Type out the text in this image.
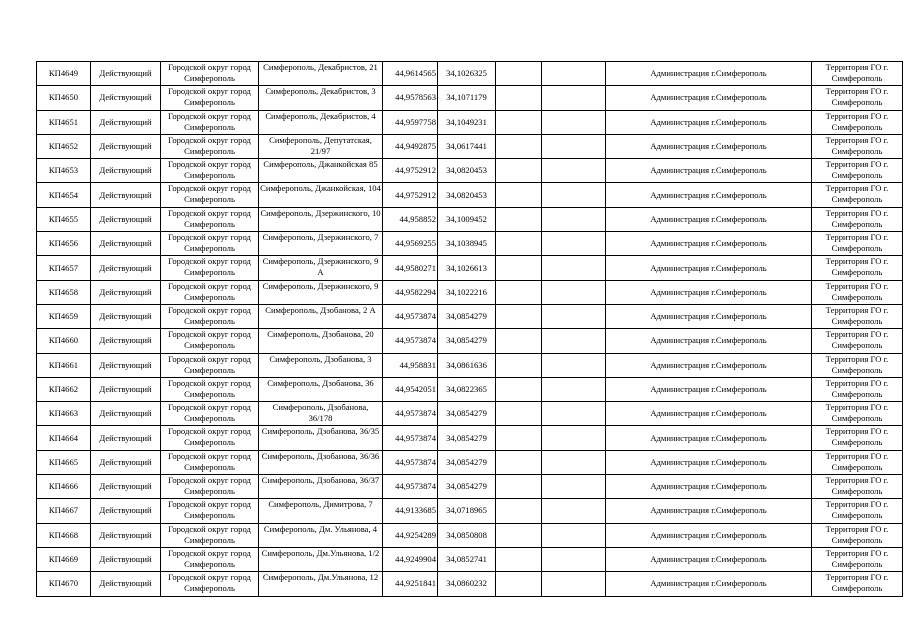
КП4649	Действующий	Городской округ город Симферополь	Симферополь, Декабристов, 21	44,9614565	34,1026325			Администрация г.Симферополь	Территория ГО г. Симферополь
КП4650	Действующий	Городской округ город Симферополь	Симферополь, Декабристов, 3	44,9578563	34,1071179			Администрация г.Симферополь	Территория ГО г. Симферополь
КП4651	Действующий	Городской округ город Симферополь	Симферополь, Декабристов, 4	44,9597758	34,1049231			Администрация г.Симферополь	Территория ГО г. Симферополь
КП4652	Действующий	Городской округ город Симферополь	Симферополь, Депутатская, 21/97	44,9492875	34,0617441			Администрация г.Симферополь	Территория ГО г. Симферополь
КП4653	Действующий	Городской округ город Симферополь	Симферополь, Джанкойская 85	44,9752912	34,0820453			Администрация г.Симферополь	Территория ГО г. Симферополь
КП4654	Действующий	Городской округ город Симферополь	Симферополь, Джанкойская, 104	44,9752912	34,0820453			Администрация г.Симферополь	Территория ГО г. Симферополь
КП4655	Действующий	Городской округ город Симферополь	Симферополь, Дзержинского, 10	44,958852	34,1009452			Администрация г.Симферополь	Территория ГО г. Симферополь
КП4656	Действующий	Городской округ город Симферополь	Симферополь, Дзержинского, 7	44,9569255	34,1038945			Администрация г.Симферополь	Территория ГО г. Симферополь
КП4657	Действующий	Городской округ город Симферополь	Симферополь, Дзержинского, 9 А	44,9580271	34,1026613			Администрация г.Симферополь	Территория ГО г. Симферополь
КП4658	Действующий	Городской округ город Симферополь	Симферополь, Дзержинского, 9	44,9582294	34,1022216			Администрация г.Симферополь	Территория ГО г. Симферополь
КП4659	Действующий	Городской округ город Симферополь	Симферополь, Дзобанова, 2 А	44,9573874	34,0854279			Администрация г.Симферополь	Территория ГО г. Симферополь
КП4660	Действующий	Городской округ город Симферополь	Симферополь, Дзобанова, 20	44,9573874	34,0854279			Администрация г.Симферополь	Территория ГО г. Симферополь
КП4661	Действующий	Городской округ город Симферополь	Симферополь, Дзобанова, 3	44,958831	34,0861636			Администрация г.Симферополь	Территория ГО г. Симферополь
КП4662	Действующий	Городской округ город Симферополь	Симферополь, Дзобанова, 36	44,9542051	34,0822365			Администрация г.Симферополь	Территория ГО г. Симферополь
КП4663	Действующий	Городской округ город Симферополь	Симферополь, Дзобанова, 36/178	44,9573874	34,0854279			Администрация г.Симферополь	Территория ГО г. Симферополь
КП4664	Действующий	Городской округ город Симферополь	Симферополь, Дзобанова, 36/35	44,9573874	34,0854279			Администрация г.Симферополь	Территория ГО г. Симферополь
КП4665	Действующий	Городской округ город Симферополь	Симферополь, Дзобанова, 36/36	44,9573874	34,0854279			Администрация г.Симферополь	Территория ГО г. Симферополь
КП4666	Действующий	Городской округ город Симферополь	Симферополь, Дзобанова, 36/37	44,9573874	34,0854279			Администрация г.Симферополь	Территория ГО г. Симферополь
КП4667	Действующий	Городской округ город Симферополь	Симферополь, Димитрова, 7	44,9133685	34,0718965			Администрация г.Симферополь	Территория ГО г. Симферополь
КП4668	Действующий	Городской округ город Симферополь	Симферополь, Дм. Ульянова, 4	44,9254289	34,0850808			Администрация г.Симферополь	Территория ГО г. Симферополь
КП4669	Действующий	Городской округ город Симферополь	Симферополь, Дм.Ульянова, 1/2	44,9249904	34,0852741			Администрация г.Симферополь	Территория ГО г. Симферополь
КП4670	Действующий	Городской округ город Симферополь	Симферополь, Дм.Ульянова, 12	44,9251841	34,0860232			Администрация г.Симферополь	Территория ГО г. Симферополь
